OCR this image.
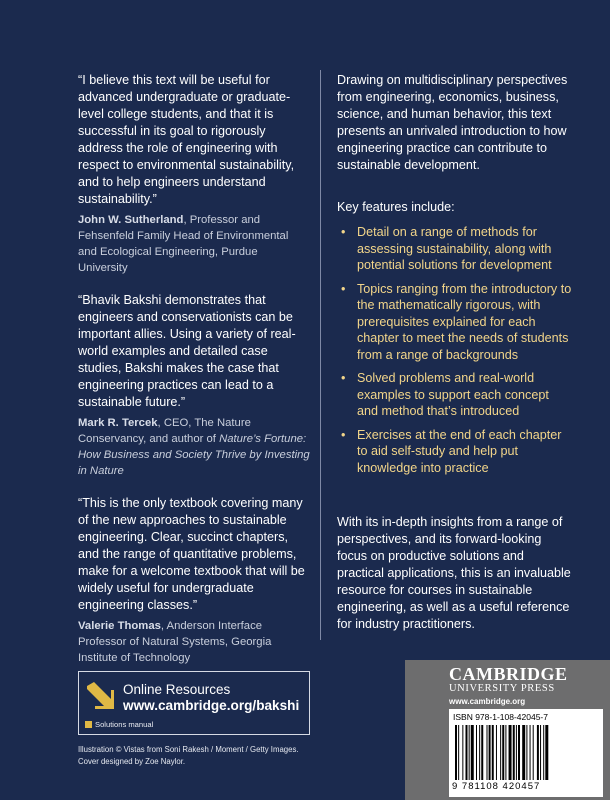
“I believe this text will be useful for advanced undergraduate or graduate-level college students, and that it is successful in its goal to rigorously address the role of engineering with respect to environmental sustainability, and to help engineers understand sustainability.”

John W. Sutherland, Professor and Fehsenfeld Family Head of Environmental and Ecological Engineering, Purdue University

“Bhavik Bakshi demonstrates that engineers and conservationists can be important allies. Using a variety of real-world examples and detailed case studies, Bakshi makes the case that engineering practices can lead to a sustainable future.”

Mark R. Tercek, CEO, The Nature Conservancy, and author of Nature’s Fortune: How Business and Society Thrive by Investing in Nature

“This is the only textbook covering many of the new approaches to sustainable engineering. Clear, succinct chapters, and the range of quantitative problems, make for a welcome textbook that will be widely useful for undergraduate engineering classes.”

Valerie Thomas, Anderson Interface Professor of Natural Systems, Georgia Institute of Technology

Drawing on multidisciplinary perspectives from engineering, economics, business, science, and human behavior, this text presents an unrivaled introduction to how engineering practice can contribute to sustainable development.

Key features include:

• Detail on a range of methods for assessing sustainability, along with potential solutions for development
• Topics ranging from the introductory to the mathematically rigorous, with prerequisites explained for each chapter to meet the needs of students from a range of backgrounds
• Solved problems and real-world examples to support each concept and method that’s introduced
• Exercises at the end of each chapter to aid self-study and help put knowledge into practice

With its in-depth insights from a range of perspectives, and its forward-looking focus on productive solutions and practical applications, this is an invaluable resource for courses in sustainable engineering, as well as a useful reference for industry practitioners.

Online Resources
www.cambridge.org/bakshi
Solutions manual
Illustration © Vistas from Soni Rakesh / Moment / Getty Images.
Cover designed by Zoe Naylor.
CAMBRIDGE
UNIVERSITY PRESS
www.cambridge.org
ISBN 978-1-108-42045-7
9 781108 420457
